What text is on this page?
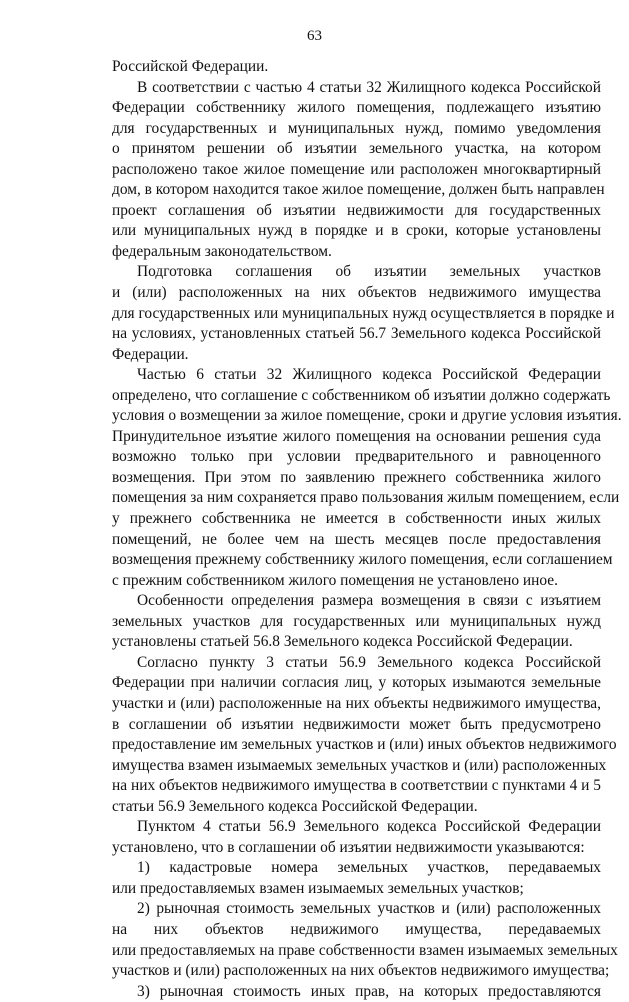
63
Российской Федерации.
В соответствии с частью 4 статьи 32 Жилищного кодекса Российской
Федерации собственнику жилого помещения, подлежащего изъятию
для государственных и муниципальных нужд, помимо уведомления
о принятом решении об изъятии земельного участка, на котором
расположено такое жилое помещение или расположен многоквартирный
дом, в котором находится такое жилое помещение, должен быть направлен
проект соглашения об изъятии недвижимости для государственных
или муниципальных нужд в порядке и в сроки, которые установлены
федеральным законодательством.
Подготовка соглашения об изъятии земельных участков
и (или) расположенных на них объектов недвижимого имущества
для государственных или муниципальных нужд осуществляется в порядке и
на условиях, установленных статьей 56.7 Земельного кодекса Российской
Федерации.
Частью 6 статьи 32 Жилищного кодекса Российской Федерации
определено, что соглашение с собственником об изъятии должно содержать
условия о возмещении за жилое помещение, сроки и другие условия изъятия.
Принудительное изъятие жилого помещения на основании решения суда
возможно только при условии предварительного и равноценного
возмещения. При этом по заявлению прежнего собственника жилого
помещения за ним сохраняется право пользования жилым помещением, если
у прежнего собственника не имеется в собственности иных жилых
помещений, не более чем на шесть месяцев после предоставления
возмещения прежнему собственнику жилого помещения, если соглашением
с прежним собственником жилого помещения не установлено иное.
Особенности определения размера возмещения в связи с изъятием
земельных участков для государственных или муниципальных нужд
установлены статьей 56.8 Земельного кодекса Российской Федерации.
Согласно пункту 3 статьи 56.9 Земельного кодекса Российской
Федерации при наличии согласия лиц, у которых изымаются земельные
участки и (или) расположенные на них объекты недвижимого имущества,
в соглашении об изъятии недвижимости может быть предусмотрено
предоставление им земельных участков и (или) иных объектов недвижимого
имущества взамен изымаемых земельных участков и (или) расположенных
на них объектов недвижимого имущества в соответствии с пунктами 4 и 5
статьи 56.9 Земельного кодекса Российской Федерации.
Пунктом 4 статьи 56.9 Земельного кодекса Российской Федерации
установлено, что в соглашении об изъятии недвижимости указываются:
1) кадастровые номера земельных участков, передаваемых
или предоставляемых взамен изымаемых земельных участков;
2) рыночная стоимость земельных участков и (или) расположенных
на них объектов недвижимого имущества, передаваемых
или предоставляемых на праве собственности взамен изымаемых земельных
участков и (или) расположенных на них объектов недвижимого имущества;
3) рыночная стоимость иных прав, на которых предоставляются
